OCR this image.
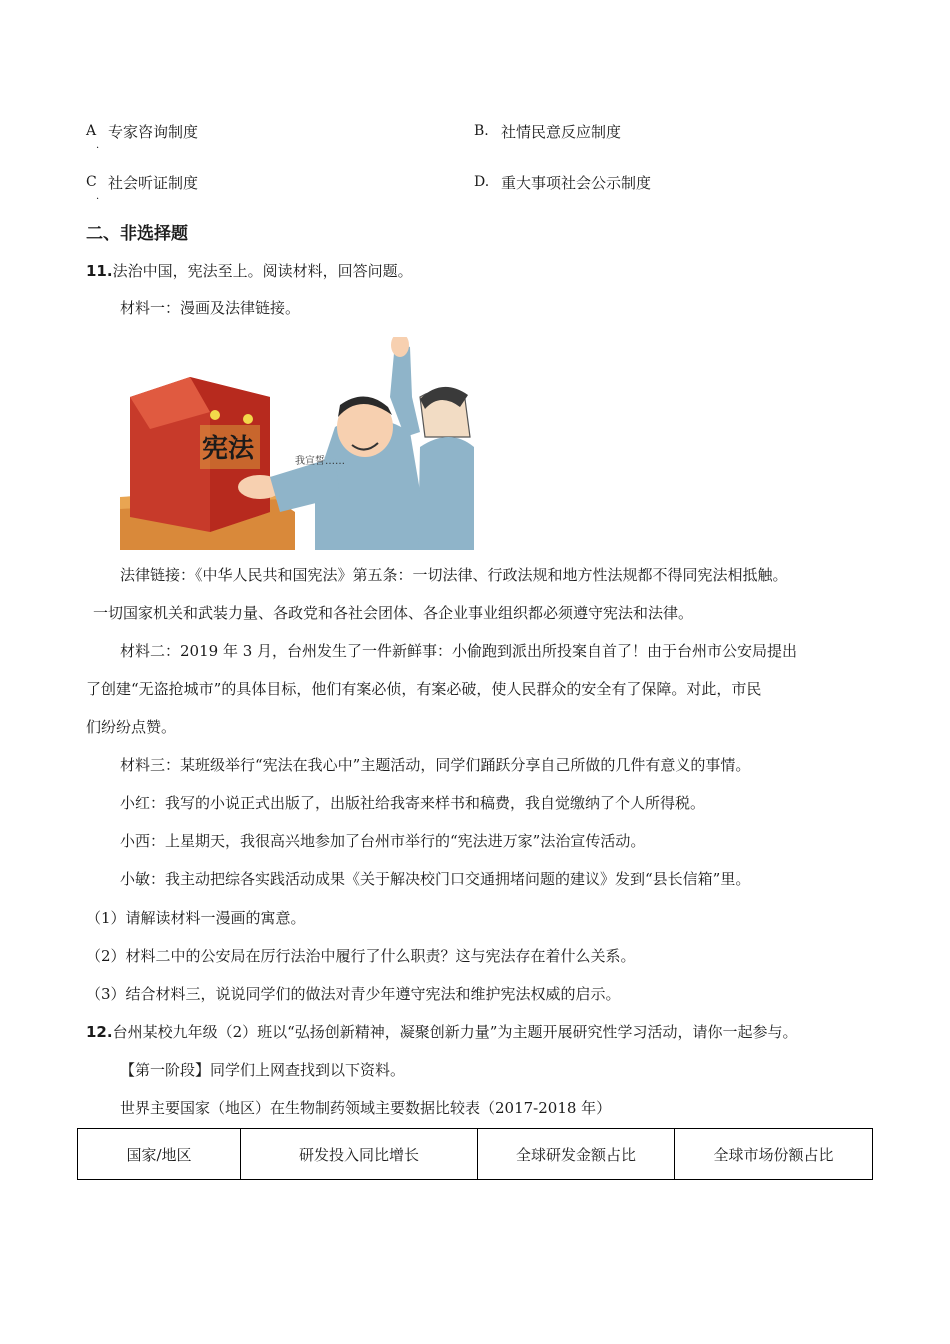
A
·
专家咨询制度	B. 社情民意反应制度
C
·
社会听证制度	D. 重大事项社会公示制度
二、非选择题
11.法治中国，宪法至上。阅读材料，回答问题。
材料一：漫画及法律链接。
宪法	我宣誓……
法律链接：《中华人民共和国宪法》第五条：一切法律、行政法规和地方性法规都不得同宪法相抵触。
一切国家机关和武装力量、各政党和各社会团体、各企业事业组织都必须遵守宪法和法律。
材料二：2019 年 3 月，台州发生了一件新鲜事：小偷跑到派出所投案自首了！由于台州市公安局提出
了创建“无盗抢城市”的具体目标，他们有案必侦，有案必破，使人民群众的安全有了保障。对此，市民
们纷纷点赞。
材料三：某班级举行“宪法在我心中”主题活动，同学们踊跃分享自己所做的几件有意义的事情。
小红：我写的小说正式出版了，出版社给我寄来样书和稿费，我自觉缴纳了个人所得税。
小西：上星期天，我很高兴地参加了台州市举行的“宪法进万家”法治宣传活动。
小敏：我主动把综各实践活动成果《关于解决校门口交通拥堵问题的建议》发到“县长信箱”里。
（1）请解读材料一漫画的寓意。
（2）材料二中的公安局在厉行法治中履行了什么职责？这与宪法存在着什么关系。
（3）结合材料三，说说同学们的做法对青少年遵守宪法和维护宪法权威的启示。
12.台州某校九年级（2）班以“弘扬创新精神，凝聚创新力量”为主题开展研究性学习活动，请你一起参与。
【第一阶段】同学们上网查找到以下资料。
世界主要国家（地区）在生物制药领域主要数据比较表（2017-2018 年）
国家/地区	研发投入同比增长	全球研发金额占比	全球市场份额占比
